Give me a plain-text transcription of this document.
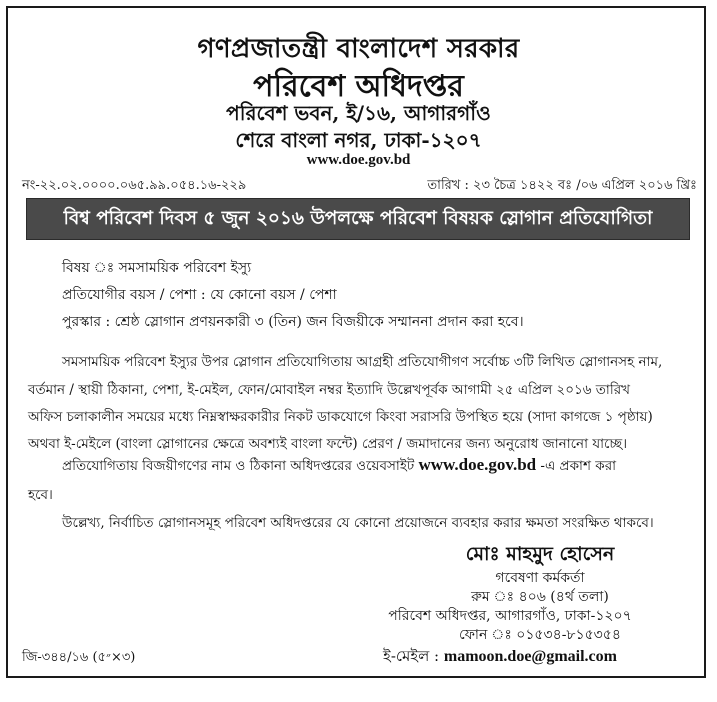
গণপ্রজাতন্ত্রী বাংলাদেশ সরকার
পরিবেশ অধিদপ্তর
পরিবেশ ভবন, ই/১৬, আগারগাঁও
শেরে বাংলা নগর, ঢাকা-১২০৭
www.doe.gov.bd
নং-২২.০২.০০০০.০৬৫.৯৯.০৫৪.১৬-২২৯	তারিখ : ২৩ চৈত্র ১৪২২ বঃ /০৬ এপ্রিল ২০১৬ খ্রিঃ
বিশ্ব পরিবেশ দিবস ৫ জুন ২০১৬ উপলক্ষে পরিবেশ বিষয়ক স্লোগান প্রতিযোগিতা
বিষয় ঃ সমসাময়িক পরিবেশ ইস্যু
প্রতিযোগীর বয়স / পেশা : যে কোনো বয়স / পেশা
পুরস্কার : শ্রেষ্ঠ স্লোগান প্রণয়নকারী ৩ (তিন) জন বিজয়ীকে সম্মাননা প্রদান করা হবে।
সমসাময়িক পরিবেশ ইস্যুর উপর স্লোগান প্রতিযোগিতায় আগ্রহী প্রতিযোগীগণ সর্বোচ্চ ৩টি লিখিত স্লোগানসহ নাম,
বর্তমান / স্থায়ী ঠিকানা, পেশা, ই-মেইল, ফোন/মোবাইল নম্বর ইত্যাদি উল্লেখপূর্বক আগামী ২৫ এপ্রিল ২০১৬ তারিখ
অফিস চলাকালীন সময়ের মধ্যে নিম্নস্বাক্ষরকারীর নিকট ডাকযোগে কিংবা সরাসরি উপস্থিত হয়ে (সাদা কাগজে ১ পৃষ্ঠায়)
অথবা ই-মেইলে (বাংলা স্লোগানের ক্ষেত্রে অবশ্যই বাংলা ফন্টে) প্রেরণ / জমাদানের জন্য অনুরোধ জানানো যাচ্ছে।
প্রতিযোগিতায় বিজয়ীগণের নাম ও ঠিকানা অধিদপ্তরের ওয়েবসাইট www.doe.gov.bd -এ প্রকাশ করা
হবে।
উল্লেখ্য, নির্বাচিত স্লোগানসমূহ পরিবেশ অধিদপ্তরের যে কোনো প্রয়োজনে ব্যবহার করার ক্ষমতা সংরক্ষিত থাকবে।
মোঃ মাহমুদ হোসেন
গবেষণা কর্মকর্তা
রুম ঃ ৪০৬ (৪র্থ তলা)
পরিবেশ অধিদপ্তর, আগারগাঁও, ঢাকা-১২০৭
ফোন ঃ ০১৫৩৪-৮১৫৩৫৪
ই-মেইল : mamoon.doe@gmail.com
জি-৩৪৪/১৬ (৫״×৩)
